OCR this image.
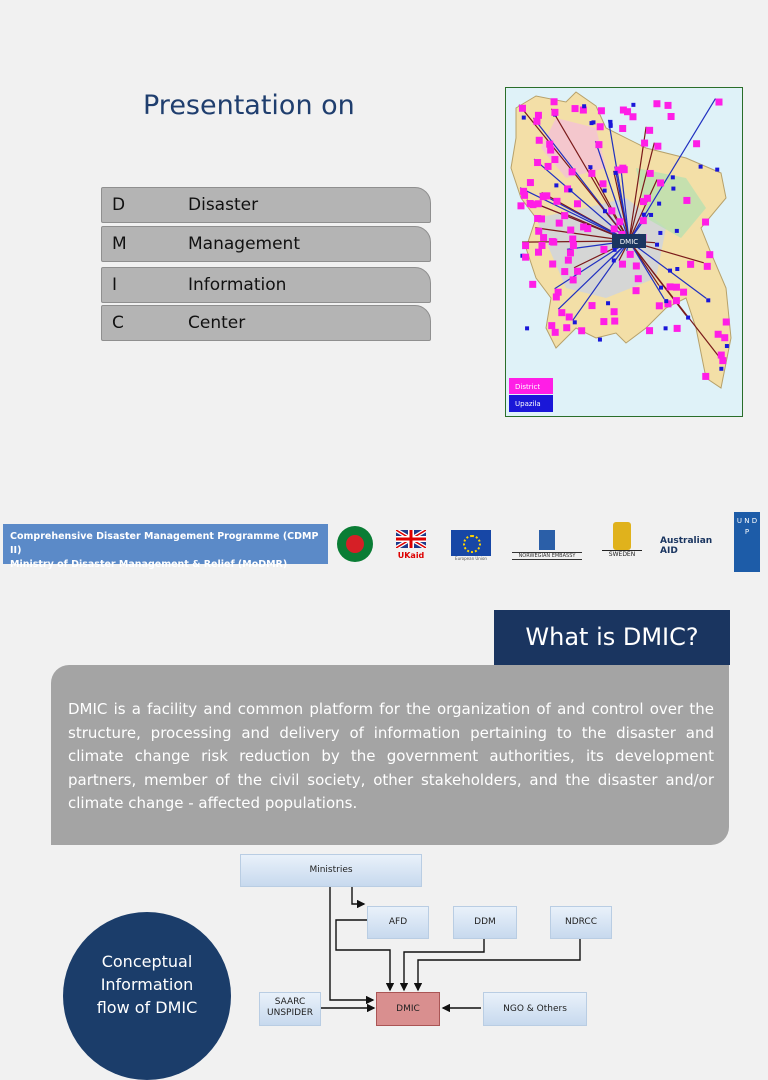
Presentation on
D	Disaster
M	Management
I	Information
C	Center
DMIC
District
Upazila
Comprehensive Disaster Management Programme (CDMP II)
Ministry of Disaster Management & Relief (MoDMR)
UKaid	European Union	NORWEGIAN EMBASSY	SWEDEN
Australian AID
U N D P
What is DMIC?
DMIC is a facility and common platform for the organization of and control over the structure, processing and delivery of information pertaining to the disaster and climate change risk reduction by the government authorities, its development partners, member of the civil society, other stakeholders, and the disaster and/or climate change - affected populations.
Conceptual
Information
flow of DMIC
Ministries
AFD	DDM	NDRCC
SAARC
UNSPIDER	DMIC	NGO & Others
